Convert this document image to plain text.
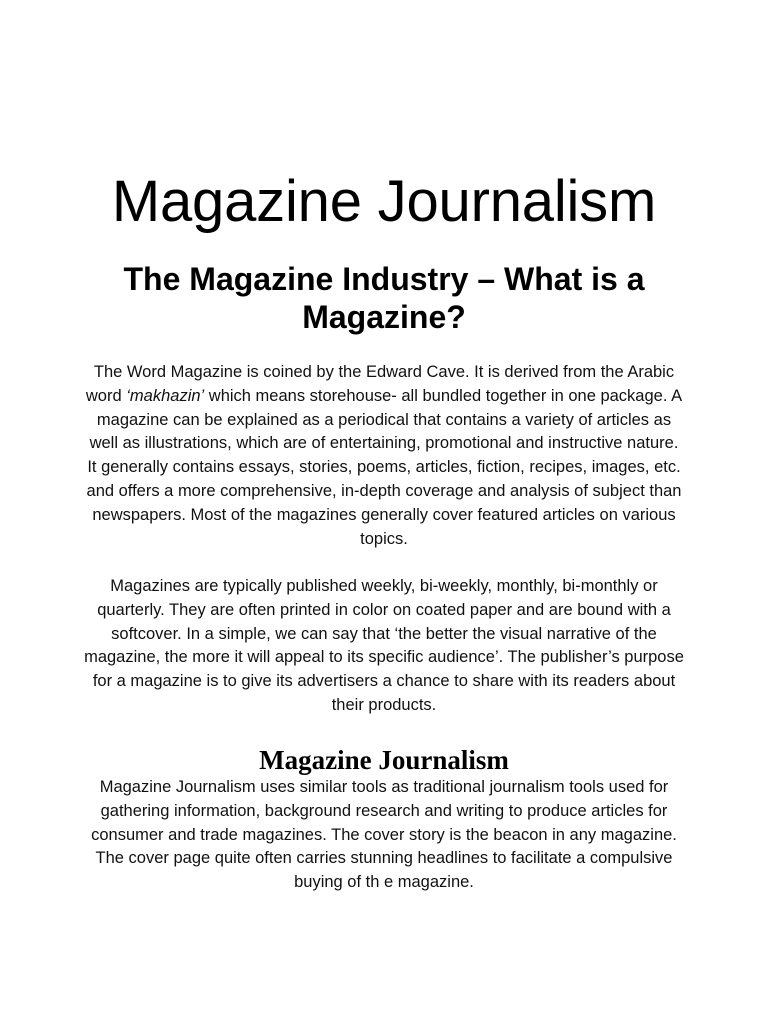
Magazine Journalism
The Magazine Industry – What is a Magazine?

The Word Magazine is coined by the Edward Cave. It is derived from the Arabic word ‘makhazin’ which means storehouse- all bundled together in one package. A magazine can be explained as a periodical that contains a variety of articles as well as illustrations, which are of entertaining, promotional and instructive nature. It generally contains essays, stories, poems, articles, fiction, recipes, images, etc. and offers a more comprehensive, in-depth coverage and analysis of subject than newspapers. Most of the magazines generally cover featured articles on various topics.

Magazines are typically published weekly, bi-weekly, monthly, bi-monthly or quarterly. They are often printed in color on coated paper and are bound with a softcover. In a simple, we can say that ‘the better the visual narrative of the magazine, the more it will appeal to its specific audience’. The publisher’s purpose for a magazine is to give its advertisers a chance to share with its readers about their products.

Magazine Journalism

Magazine Journalism uses similar tools as traditional journalism tools used for gathering information, background research and writing to produce articles for consumer and trade magazines. The cover story is the beacon in any magazine. The cover page quite often carries stunning headlines to facilitate a compulsive buying of th e magazine.
